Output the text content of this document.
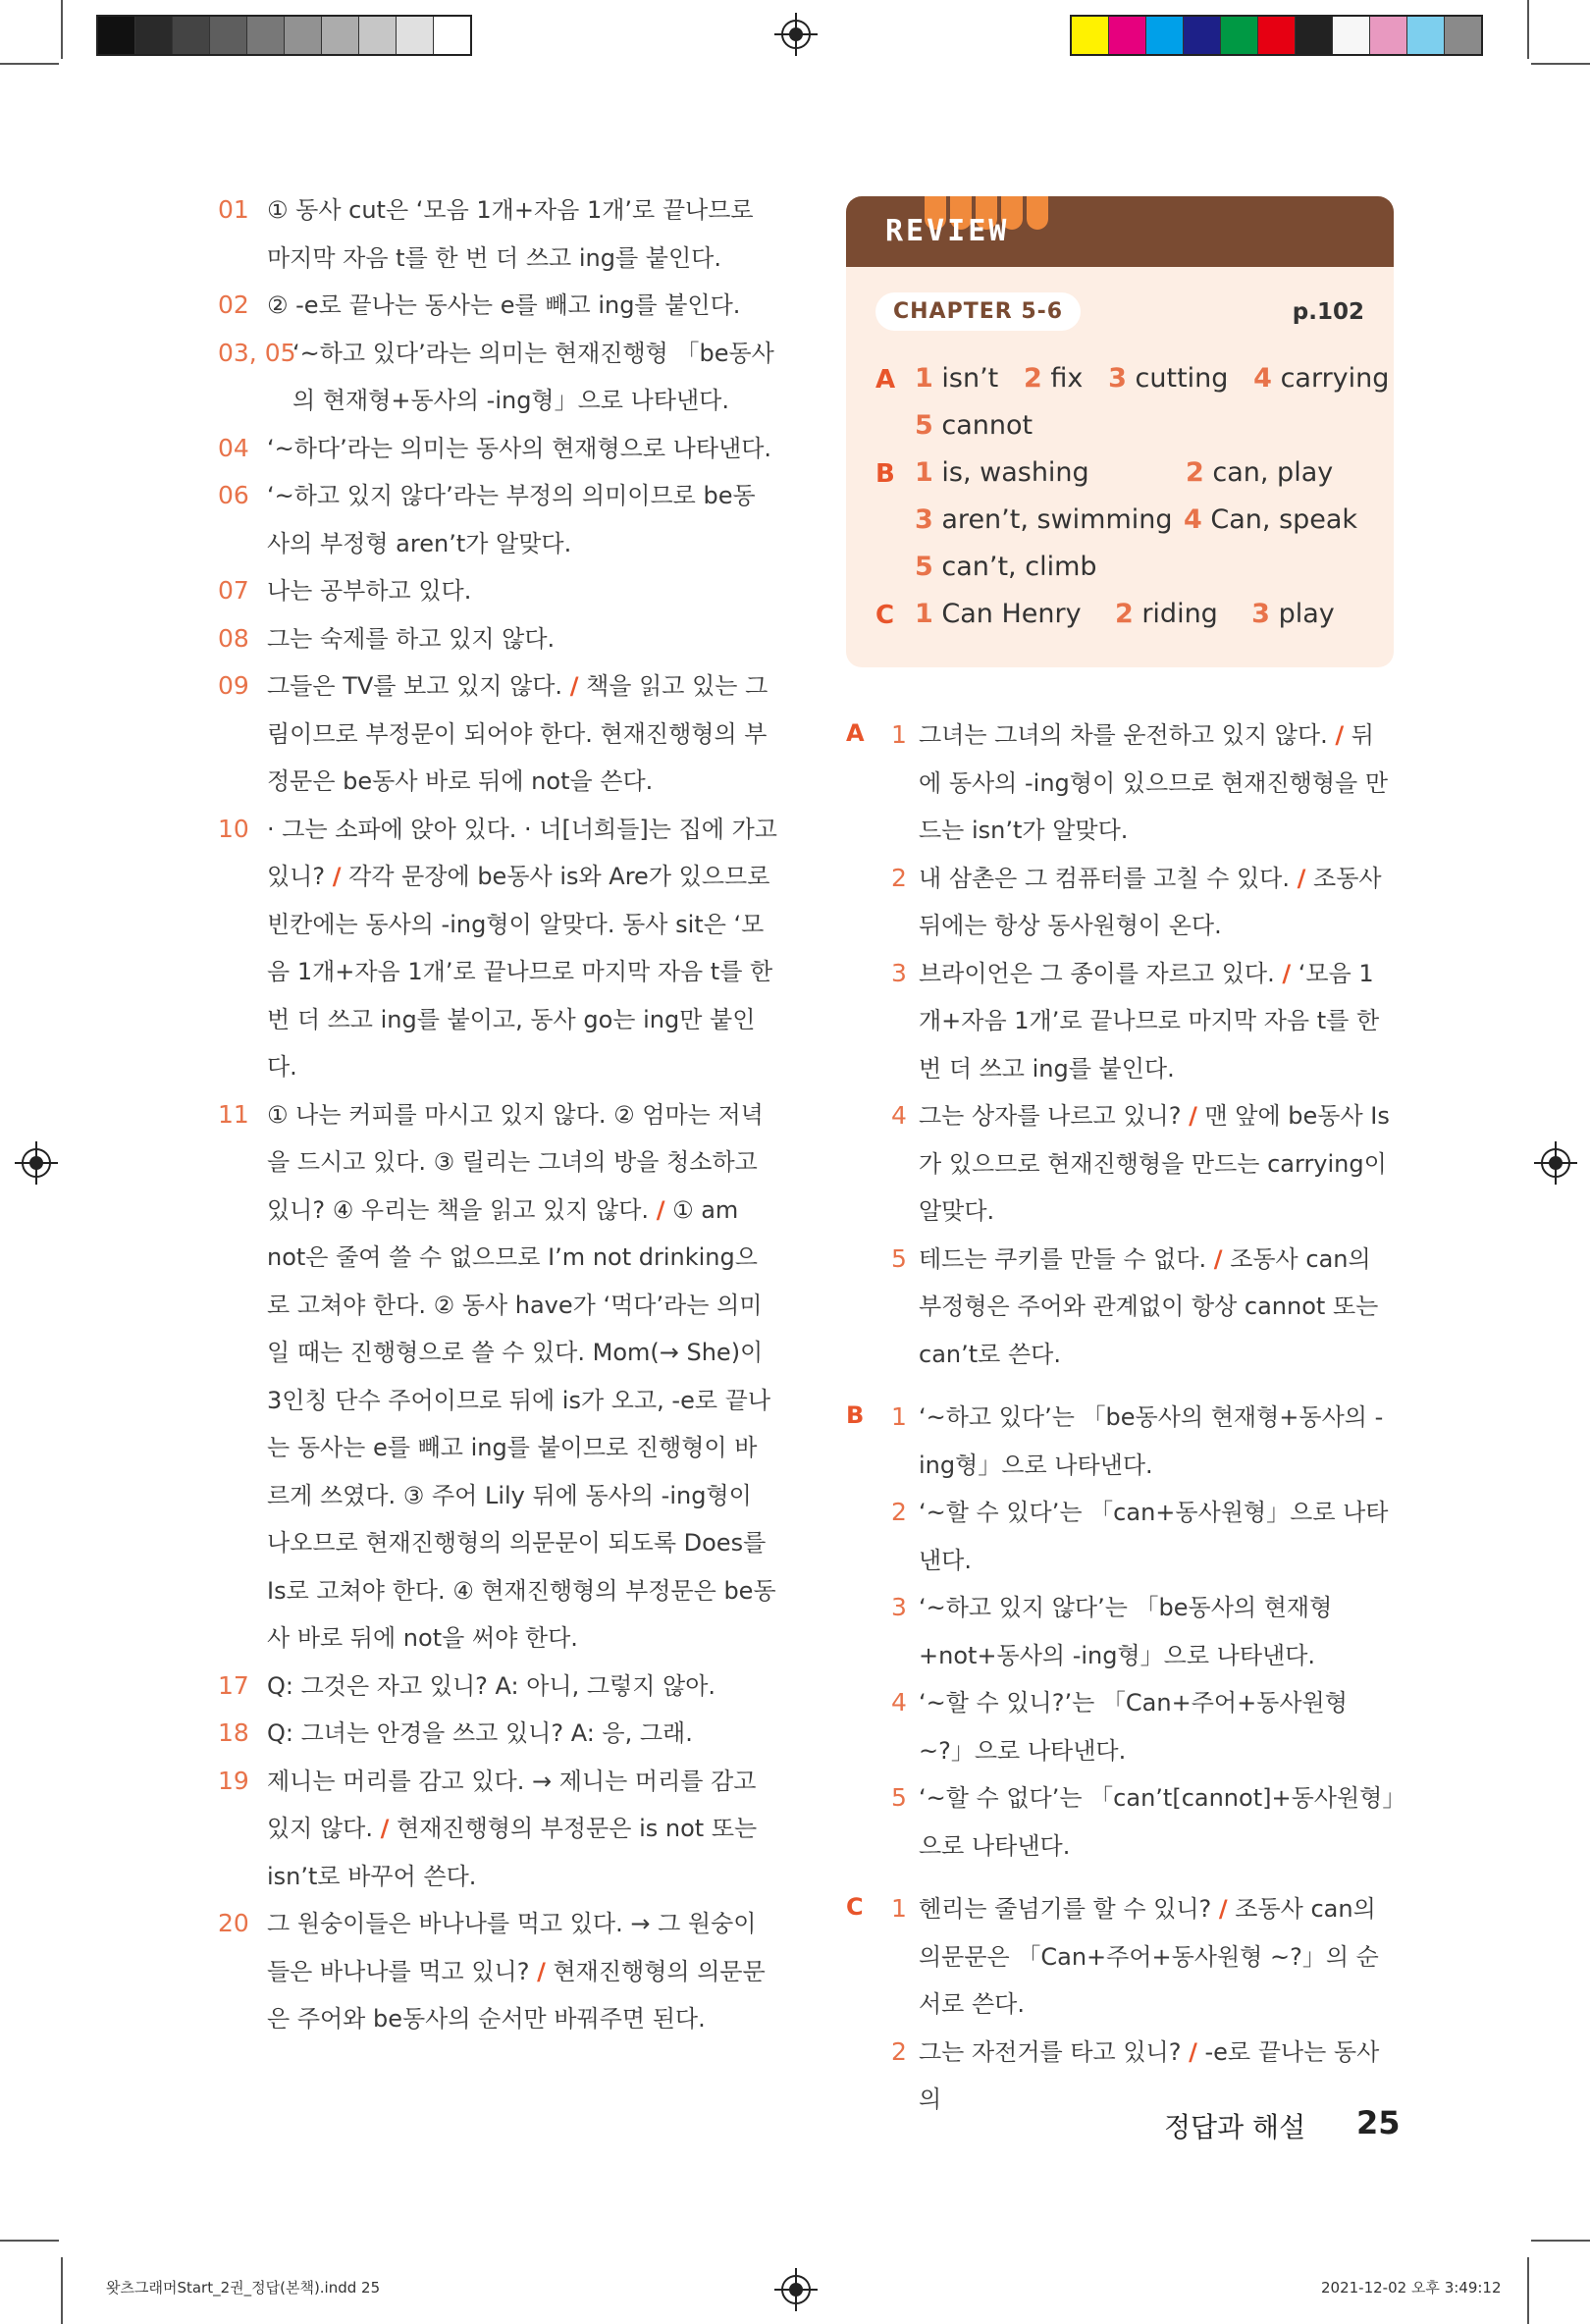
01 ① 동사 cut은 ‘모음 1개+자음 1개’로 끝나므로 마지막 자음 t를 한 번 더 쓰고 ing를 붙인다.
02 ② -e로 끝나는 동사는 e를 빼고 ing를 붙인다.
03, 05
‘~하고 있다’라는 의미는 현재진행형 「be동사의 현재형+동사의 -ing형」으로 나타낸다.
04 ‘~하다’라는 의미는 동사의 현재형으로 나타낸다.
06 ‘~하고 있지 않다’라는 부정의 의미이므로 be동사의 부정형 aren’t가 알맞다.
07 나는 공부하고 있다.
08 그는 숙제를 하고 있지 않다.
09 그들은 TV를 보고 있지 않다. / 책을 읽고 있는 그림이므로 부정문이 되어야 한다. 현재진행형의 부정문은 be동사 바로 뒤에 not을 쓴다.
10 · 그는 소파에 앉아 있다. · 너[너희들]는 집에 가고 있니? / 각각 문장에 be동사 is와 Are가 있으므로 빈칸에는 동사의 -ing형이 알맞다. 동사 sit은 ‘모음 1개+자음 1개’로 끝나므로 마지막 자음 t를 한 번 더 쓰고 ing를 붙이고, 동사 go는 ing만 붙인다.
11 ① 나는 커피를 마시고 있지 않다. ② 엄마는 저녁을 드시고 있다. ③ 릴리는 그녀의 방을 청소하고 있니? ④ 우리는 책을 읽고 있지 않다. / ① am not은 줄여 쓸 수 없으므로 I’m not drinking으로 고쳐야 한다. ② 동사 have가 ‘먹다’라는 의미일 때는 진행형으로 쓸 수 있다. Mom(→ She)이 3인칭 단수 주어이므로 뒤에 is가 오고, -e로 끝나는 동사는 e를 빼고 ing를 붙이므로 진행형이 바르게 쓰였다. ③ 주어 Lily 뒤에 동사의 -ing형이 나오므로 현재진행형의 의문문이 되도록 Does를 Is로 고쳐야 한다. ④ 현재진행형의 부정문은 be동사 바로 뒤에 not을 써야 한다.
17 Q: 그것은 자고 있니? A: 아니, 그렇지 않아.
18 Q: 그녀는 안경을 쓰고 있니? A: 응, 그래.
19 제니는 머리를 감고 있다. → 제니는 머리를 감고 있지 않다. / 현재진행형의 부정문은 is not 또는 isn’t로 바꾸어 쓴다.
20 그 원숭이들은 바나나를 먹고 있다. → 그 원숭이들은 바나나를 먹고 있니? / 현재진행형의 의문문은 주어와 be동사의 순서만 바꿔주면 된다.
REVIEW
CHAPTER 5-6	p.102
A 1 isn’t 2 fix 3 cutting 4 carrying
5 cannot
B 1 is, washing	2 can, play
3 aren’t, swimming 4 Can, speak
5 can’t, climb
C 1 Can Henry 2 riding 3 play
A 1 그녀는 그녀의 차를 운전하고 있지 않다. / 뒤에 동사의 -ing형이 있으므로 현재진행형을 만드는 isn’t가 알맞다.
2 내 삼촌은 그 컴퓨터를 고칠 수 있다. / 조동사 뒤에는 항상 동사원형이 온다.
3 브라이언은 그 종이를 자르고 있다. / ‘모음 1개+자음 1개’로 끝나므로 마지막 자음 t를 한 번 더 쓰고 ing를 붙인다.
4 그는 상자를 나르고 있니? / 맨 앞에 be동사 Is가 있으므로 현재진행형을 만드는 carrying이 알맞다.
5 테드는 쿠키를 만들 수 없다. / 조동사 can의 부정형은 주어와 관계없이 항상 cannot 또는 can’t로 쓴다.
B 1 ‘~하고 있다’는 「be동사의 현재형+동사의 -ing형」으로 나타낸다.
2 ‘~할 수 있다’는 「can+동사원형」으로 나타낸다.
3 ‘~하고 있지 않다’는 「be동사의 현재형+not+동사의 -ing형」으로 나타낸다.
4 ‘~할 수 있니?’는 「Can+주어+동사원형 ~?」으로 나타낸다.
5 ‘~할 수 없다’는 「can’t[cannot]+동사원형」으로 나타낸다.
C 1 헨리는 줄넘기를 할 수 있니? / 조동사 can의 의문문은 「Can+주어+동사원형 ~?」의 순서로 쓴다.
2 그는 자전거를 타고 있니? / -e로 끝나는 동사의
정답과 해설 25
왓츠그래머Start_2권_정답(본책).indd 25	2021-12-02 오후 3:49:12
